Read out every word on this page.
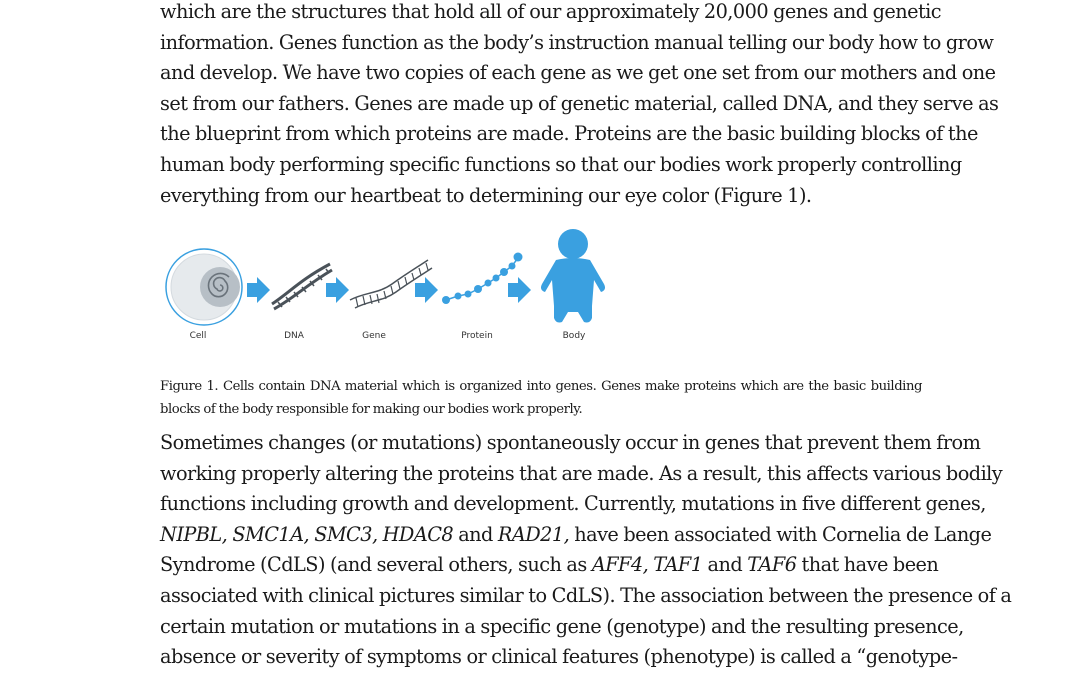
which are the structures that hold all of our approximately 20,000 genes and genetic
information. Genes function as the body’s instruction manual telling our body how to grow
and develop. We have two copies of each gene as we get one set from our mothers and one
set from our fathers. Genes are made up of genetic material, called DNA, and they serve as
the blueprint from which proteins are made. Proteins are the basic building blocks of the
human body performing specific functions so that our bodies work properly controlling
everything from our heartbeat to determining our eye color (Figure 1).
Cell	DNA	Gene	Protein	Body
Figure 1. Cells contain DNA material which is organized into genes. Genes make proteins which are the basic building
blocks of the body responsible for making our bodies work properly.
Sometimes changes (or mutations) spontaneously occur in genes that prevent them from
working properly altering the proteins that are made. As a result, this affects various bodily
functions including growth and development. Currently, mutations in five different genes,
NIPBL, SMC1A, SMC3, HDAC8 and RAD21, have been associated with Cornelia de Lange
Syndrome (CdLS) (and several others, such as AFF4, TAF1 and TAF6 that have been
associated with clinical pictures similar to CdLS). The association between the presence of a
certain mutation or mutations in a specific gene (genotype) and the resulting presence,
absence or severity of symptoms or clinical features (phenotype) is called a “genotype-
